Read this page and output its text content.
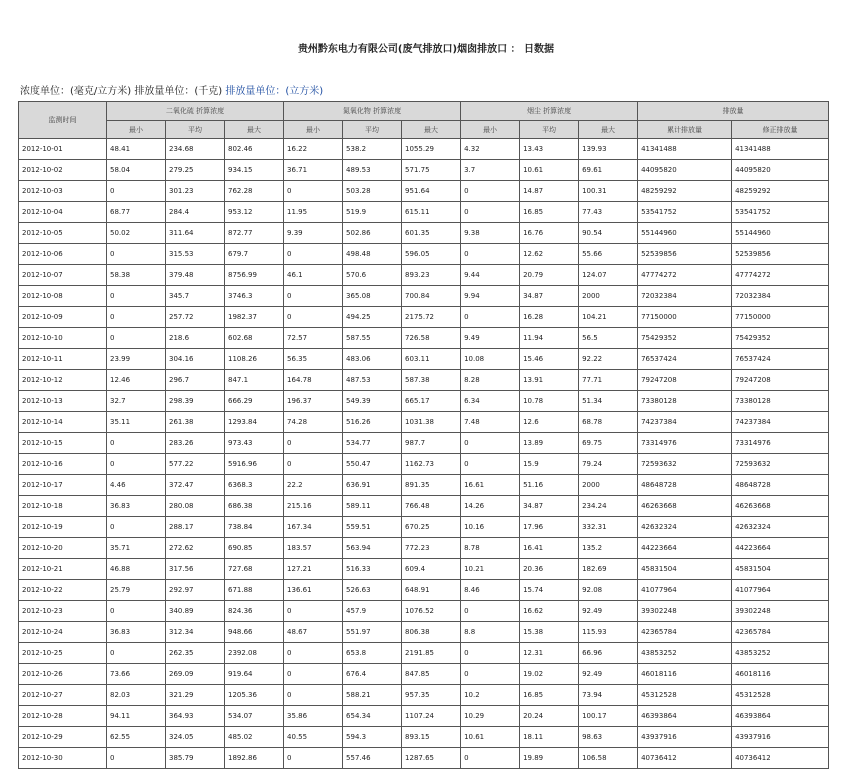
贵州黔东电力有限公司(废气排放口)烟囱排放口 ： 日数据
浓度单位：(毫克/立方米) 排放量单位：(千克) 排放量单位：(立方米)
监测时间	二氧化硫 折算浓度			氮氧化物 折算浓度			烟尘 折算浓度			排放量	
	最小	平均	最大	最小	平均	最大	最小	平均	最大	累计排放量	修正排放量
2012-10-01	48.41	234.68	802.46	16.22	538.2	1055.29	4.32	13.43	139.93	41341488	41341488
2012-10-02	58.04	279.25	934.15	36.71	489.53	571.75	3.7	10.61	69.61	44095820	44095820
2012-10-03	0	301.23	762.28	0	503.28	951.64	0	14.87	100.31	48259292	48259292
2012-10-04	68.77	284.4	953.12	11.95	519.9	615.11	0	16.85	77.43	53541752	53541752
2012-10-05	50.02	311.64	872.77	9.39	502.86	601.35	9.38	16.76	90.54	55144960	55144960
2012-10-06	0	315.53	679.7	0	498.48	596.05	0	12.62	55.66	52539856	52539856
2012-10-07	58.38	379.48	8756.99	46.1	570.6	893.23	9.44	20.79	124.07	47774272	47774272
2012-10-08	0	345.7	3746.3	0	365.08	700.84	9.94	34.87	2000	72032384	72032384
2012-10-09	0	257.72	1982.37	0	494.25	2175.72	0	16.28	104.21	77150000	77150000
2012-10-10	0	218.6	602.68	72.57	587.55	726.58	9.49	11.94	56.5	75429352	75429352
2012-10-11	23.99	304.16	1108.26	56.35	483.06	603.11	10.08	15.46	92.22	76537424	76537424
2012-10-12	12.46	296.7	847.1	164.78	487.53	587.38	8.28	13.91	77.71	79247208	79247208
2012-10-13	32.7	298.39	666.29	196.37	549.39	665.17	6.34	10.78	51.34	73380128	73380128
2012-10-14	35.11	261.38	1293.84	74.28	516.26	1031.38	7.48	12.6	68.78	74237384	74237384
2012-10-15	0	283.26	973.43	0	534.77	987.7	0	13.89	69.75	73314976	73314976
2012-10-16	0	577.22	5916.96	0	550.47	1162.73	0	15.9	79.24	72593632	72593632
2012-10-17	4.46	372.47	6368.3	22.2	636.91	891.35	16.61	51.16	2000	48648728	48648728
2012-10-18	36.83	280.08	686.38	215.16	589.11	766.48	14.26	34.87	234.24	46263668	46263668
2012-10-19	0	288.17	738.84	167.34	559.51	670.25	10.16	17.96	332.31	42632324	42632324
2012-10-20	35.71	272.62	690.85	183.57	563.94	772.23	8.78	16.41	135.2	44223664	44223664
2012-10-21	46.88	317.56	727.68	127.21	516.33	609.4	10.21	20.36	182.69	45831504	45831504
2012-10-22	25.79	292.97	671.88	136.61	526.63	648.91	8.46	15.74	92.08	41077964	41077964
2012-10-23	0	340.89	824.36	0	457.9	1076.52	0	16.62	92.49	39302248	39302248
2012-10-24	36.83	312.34	948.66	48.67	551.97	806.38	8.8	15.38	115.93	42365784	42365784
2012-10-25	0	262.35	2392.08	0	653.8	2191.85	0	12.31	66.96	43853252	43853252
2012-10-26	73.66	269.09	919.64	0	676.4	847.85	0	19.02	92.49	46018116	46018116
2012-10-27	82.03	321.29	1205.36	0	588.21	957.35	10.2	16.85	73.94	45312528	45312528
2012-10-28	94.11	364.93	534.07	35.86	654.34	1107.24	10.29	20.24	100.17	46393864	46393864
2012-10-29	62.55	324.05	485.02	40.55	594.3	893.15	10.61	18.11	98.63	43937916	43937916
2012-10-30	0	385.79	1892.86	0	557.46	1287.65	0	19.89	106.58	40736412	40736412
